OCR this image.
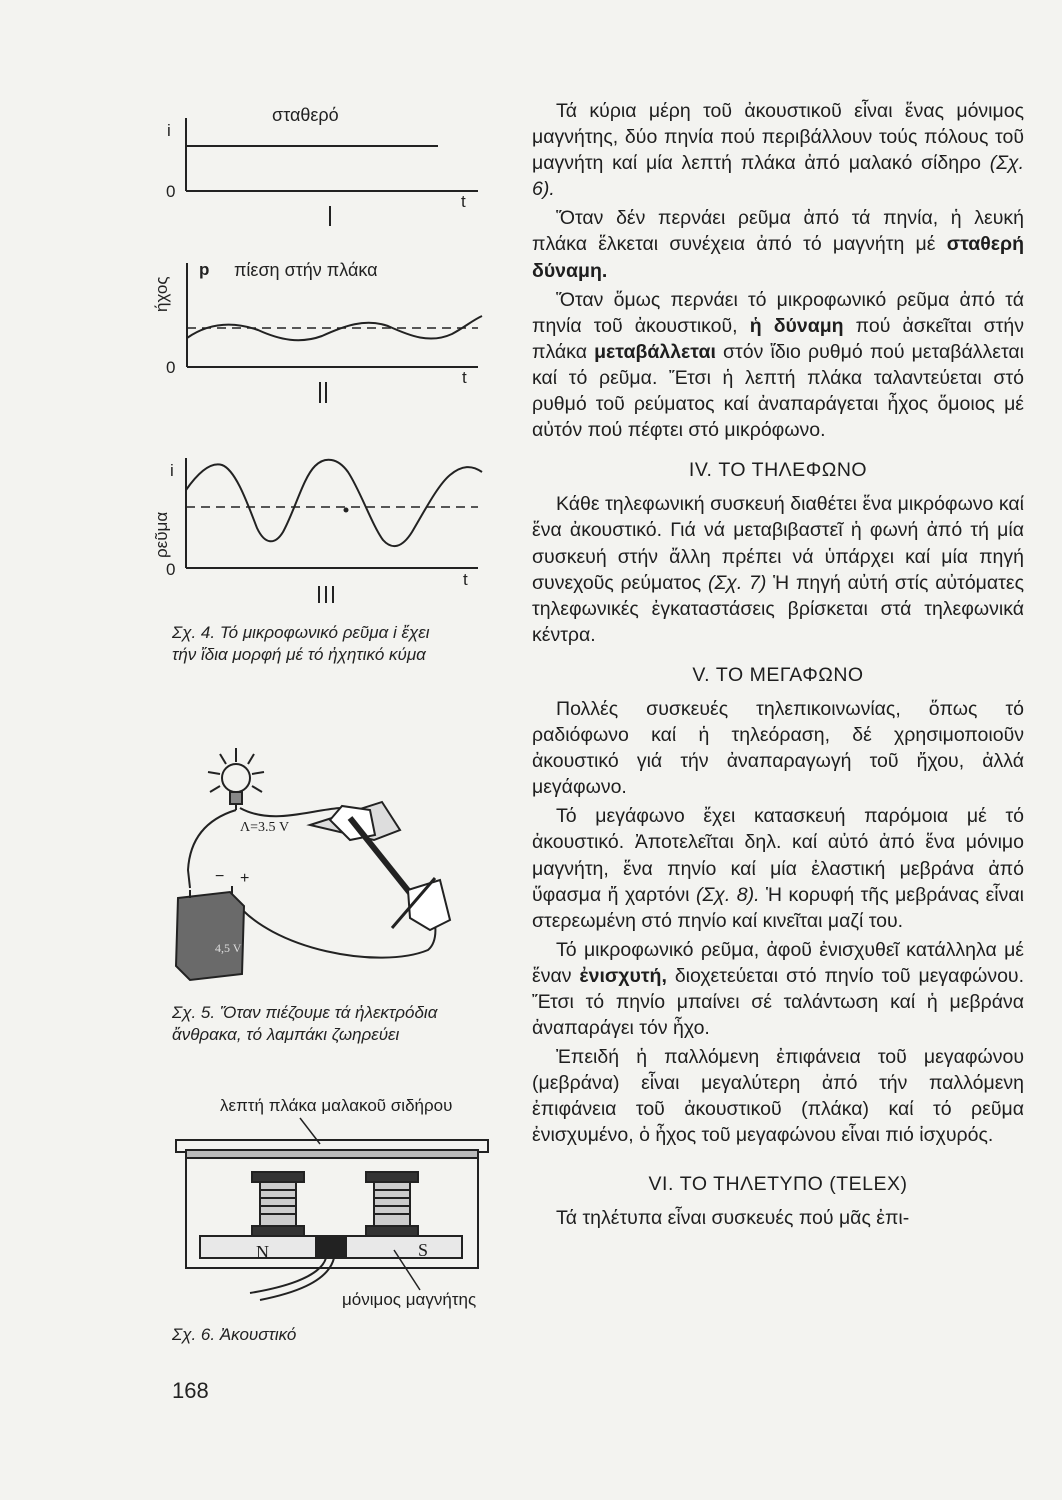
i
0
t
σταθερό
p πίεση στήν πλάκα
ήχος
0
t
ρεῦμα
i
0
t
Σχ. 4. Τό μικροφωνικό ρεῦμα i ἔχει
τήν ἴδια μορφή μέ τό ἠχητικό κύμα
Λ=3.5 V
4,5 V
− +
Σχ. 5. Ὅταν πιέζουμε τά ἠλεκτρόδια
ἄνθρακα, τό λαμπάκι ζωηρεύει
λεπτή πλάκα μαλακοῦ σιδήρου
N	S
μόνιμος μαγνήτης
Σχ. 6. Ἀκουστικό
168

Τά κύρια μέρη τοῦ ἀκουστικοῦ εἶναι ἕνας μόνιμος μαγνήτης, δύο πηνία πού περιβάλλουν τούς πόλους τοῦ μαγνήτη καί μία λεπτή πλάκα ἀπό μαλακό σίδηρο (Σχ. 6).

Ὅταν δέν περνάει ρεῦμα ἀπό τά πηνία, ἡ λευκή πλάκα ἕλκεται συνέχεια ἀπό τό μαγνήτη μέ σταθερή δύναμη.

Ὅταν ὅμως περνάει τό μικροφωνικό ρεῦμα ἀπό τά πηνία τοῦ ἀκουστικοῦ, ἡ δύναμη πού ἀσκεῖται στήν πλάκα μεταβάλλεται στόν ἴδιο ρυθμό πού μεταβάλλεται καί τό ρεῦμα. Ἔτσι ἡ λεπτή πλάκα ταλαντεύεται στό ρυθμό τοῦ ρεύματος καί ἀναπαράγεται ἦχος ὅμοιος μέ αὐτόν πού πέφτει στό μικρόφωνο.

IV. ΤΟ ΤΗΛΕΦΩΝΟ

Κάθε τηλεφωνική συσκευή διαθέτει ἕνα μικρόφωνο καί ἕνα ἀκουστικό. Γιά νά μεταβιβαστεῖ ἡ φωνή ἀπό τή μία συσκευή στήν ἄλλη πρέπει νά ὑπάρχει καί μία πηγή συνεχοῦς ρεύματος (Σχ. 7) Ἡ πηγή αὐτή στίς αὐτόματες τηλεφωνικές ἐγκαταστάσεις βρίσκεται στά τηλεφωνικά κέντρα.

V. ΤΟ ΜΕΓΑΦΩΝΟ

Πολλές συσκευές τηλεπικοινωνίας, ὅπως τό ραδιόφωνο καί ἡ τηλεόραση, δέ χρησιμοποιοῦν ἀκουστικό γιά τήν ἀναπαραγωγή τοῦ ἤχου, ἀλλά μεγάφωνο.

Τό μεγάφωνο ἔχει κατασκευή παρόμοια μέ τό ἀκουστικό. Ἀποτελεῖται δηλ. καί αὐτό ἀπό ἕνα μόνιμο μαγνήτη, ἕνα πηνίο καί μία ἐλαστική μεβράνα ἀπό ὕφασμα ἤ χαρτόνι (Σχ. 8). Ἡ κορυφή τῆς μεβράνας εἶναι στερεωμένη στό πηνίο καί κινεῖται μαζί του.

Τό μικροφωνικό ρεῦμα, ἀφοῦ ἐνισχυθεῖ κατάλληλα μέ ἕναν ἐνισχυτή, διοχετεύεται στό πηνίο τοῦ μεγαφώνου. Ἔτσι τό πηνίο μπαίνει σέ ταλάντωση καί ἡ μεβράνα ἀναπαράγει τόν ἦχο.

Ἐπειδή ἡ παλλόμενη ἐπιφάνεια τοῦ μεγαφώνου (μεβράνα) εἶναι μεγαλύτερη ἀπό τήν παλλόμενη ἐπιφάνεια τοῦ ἀκουστικοῦ (πλάκα) καί τό ρεῦμα ἐνισχυμένο, ὁ ἦχος τοῦ μεγαφώνου εἶναι πιό ἰσχυρός.

VI. ΤΟ ΤΗΛΕΤΥΠΟ (TELEX)

Τά τηλέτυπα εἶναι συσκευές πού μᾶς ἐπι-
